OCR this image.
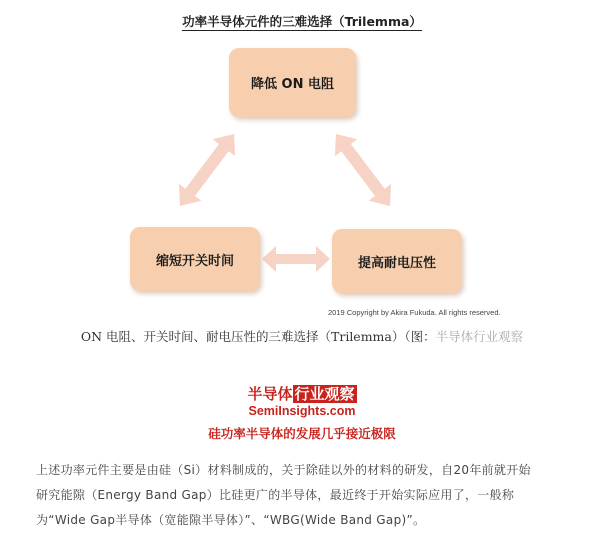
功率半导体元件的三难选择（Trilemma）
降低 ON 电阻
缩短开关时间	提高耐电压性
2019 Copyright by Akira Fukuda. All rights reserved.
ON 电阻、开关时间、耐电压性的三难选择（Trilemma）（图：半导体行业观察
半导体 行业观察
SemiInsights.com
硅功率半导体的发展几乎接近极限
上述功率元件主要是由硅（Si）材料制成的，关于除硅以外的材料的研发，自20年前就开始
研究能隙（Energy Band Gap）比硅更广的半导体，最近终于开始实际应用了，一般称
为“Wide Gap半导体（宽能隙半导体）”、“WBG(Wide Band Gap)”。
